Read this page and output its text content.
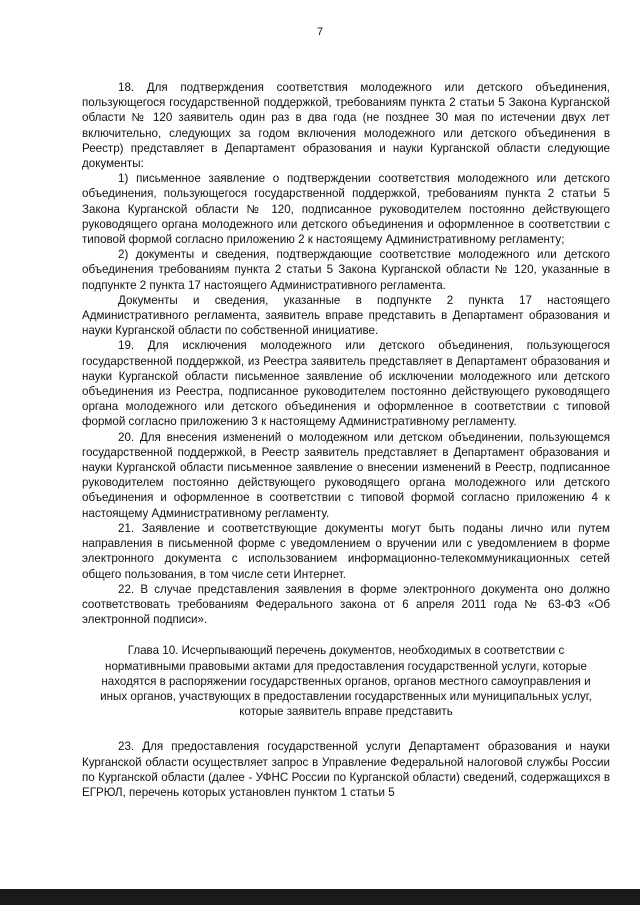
7

18. Для подтверждения соответствия молодежного или детского объединения, пользующегося государственной поддержкой, требованиям пункта 2 статьи 5 Закона Курганской области № 120 заявитель один раз в два года (не позднее 30 мая по истечении двух лет включительно, следующих за годом включения молодежного или детского объединения в Реестр) представляет в Департамент образования и науки Курганской области следующие документы:

1) письменное заявление о подтверждении соответствия молодежного или детского объединения, пользующегося государственной поддержкой, требованиям пункта 2 статьи 5 Закона Курганской области № 120, подписанное руководителем постоянно действующего руководящего органа молодежного или детского объединения и оформленное в соответствии с типовой формой согласно приложению 2 к настоящему Административному регламенту;

2) документы и сведения, подтверждающие соответствие молодежного или детского объединения требованиям пункта 2 статьи 5 Закона Курганской области № 120, указанные в подпункте 2 пункта 17 настоящего Административного регламента.

Документы и сведения, указанные в подпункте 2 пункта 17 настоящего Административного регламента, заявитель вправе представить в Департамент образования и науки Курганской области по собственной инициативе.

19. Для исключения молодежного или детского объединения, пользующегося государственной поддержкой, из Реестра заявитель представляет в Департамент образования и науки Курганской области письменное заявление об исключении молодежного или детского объединения из Реестра, подписанное руководителем постоянно действующего руководящего органа молодежного или детского объединения и оформленное в соответствии с типовой формой согласно приложению 3 к настоящему Административному регламенту.

20. Для внесения изменений о молодежном или детском объединении, пользующемся государственной поддержкой, в Реестр заявитель представляет в Департамент образования и науки Курганской области письменное заявление о внесении изменений в Реестр, подписанное руководителем постоянно действующего руководящего органа молодежного или детского объединения и оформленное в соответствии с типовой формой согласно приложению 4 к настоящему Административному регламенту.

21. Заявление и соответствующие документы могут быть поданы лично или путем направления в письменной форме с уведомлением о вручении или с уведомлением в форме электронного документа с использованием информационно-телекоммуникационных сетей общего пользования, в том числе сети Интернет.

22. В случае представления заявления в форме электронного документа оно должно соответствовать требованиям Федерального закона от 6 апреля 2011 года № 63-ФЗ «Об электронной подписи».

Глава 10. Исчерпывающий перечень документов, необходимых в соответствии с нормативными правовыми актами для предоставления государственной услуги, которые находятся в распоряжении государственных органов, органов местного самоуправления и иных органов, участвующих в предоставлении государственных или муниципальных услуг, которые заявитель вправе представить

23. Для предоставления государственной услуги Департамент образования и науки Курганской области осуществляет запрос в Управление Федеральной налоговой службы России по Курганской области (далее - УФНС России по Курганской области) сведений, содержащихся в ЕГРЮЛ, перечень которых установлен пунктом 1 статьи 5
